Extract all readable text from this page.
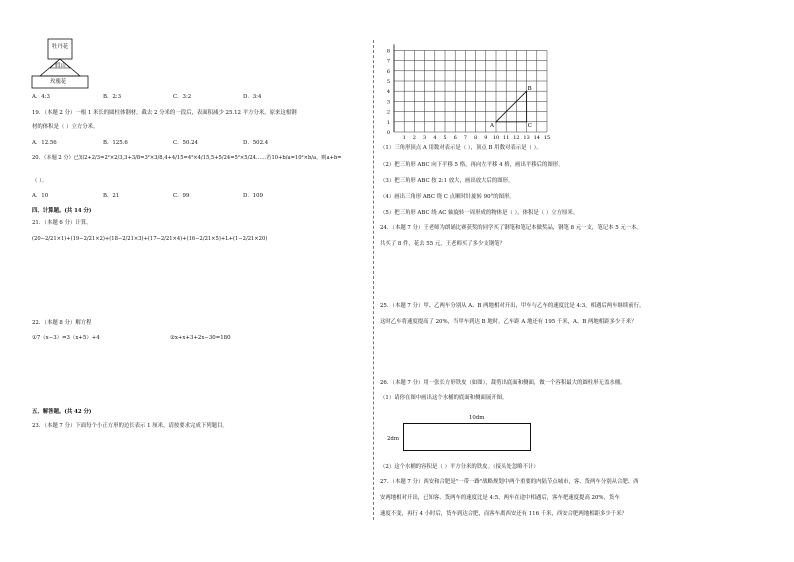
牡丹花
假山
玫瑰花
A．4:3	B．2:3	C．3:2	D．3:4
19．（本题 2 分）一根 1 米长的圆柱体钢材，截去 2 分米的一段后，表面积减少 25.12 平方分米，原来这根钢
材的体积是（ ）立方分米。
A．12.56	B．125.6	C．50.24	D．502.4
20．（本题 2 分）已知2+2/3=2²×2/3,3+3/8=3²×3/8,4+4/15=4²×4/15,5+5/24=5²×5/24……若10+b/a=10²×b/a，则a+b=
（ ）。
A．10	B．21	C．99	D．109
四、计算题。(共 14 分)
21．（本题 6 分）计算。
(20−2/21×1)+(19−2/21×2)+(18−2/21×3)+(17−2/21×4)+(16−2/21×5)+L+(1−2/21×20)
22．（本题 8 分）解方程
①7（x−3）=3（x+5）+4	②x+x+3+2x−30=180
五、解答题。(共 42 分)
23．（本题 7 分）下面每个小正方形的边长表示 1 厘米，请按要求完成下列题目。
8
7
6
5
4
3
2
1
0
1 2 3 4 5 6 7 8 9 10 11 12 13 14 15
A
B
C
（1）三角形顶点 A 用数对表示是（ ），顶点 B 用数对表示是（ ）。
（2）把三角形 ABC 向下平移 5 格，再向左平移 4 格，画出平移后的图形。
（3）把三角形 ABC 按 2:1 放大，画出放大后的图形。
（4）画出三角形 ABC 绕 C 点顺时针旋转 90°的图形。
（5）把三角形 ABC 绕 AC 轴旋转一周形成的物体是（ ），体积是（ ）立方厘米。
24．（本题 7 分）王老师为朗诵比赛获奖的同学买了钢笔和笔记本做奖品，钢笔 8 元一支，笔记本 5 元一本。
共买了 8 件，花去 55 元，王老师买了多少支钢笔？
25．（本题 7 分）甲、乙两车分别从 A、B 两地相对开出，甲车与乙车的速度比是 4:3，相遇后两车继续前行，
这时乙车将速度提高了 20%，当甲车到达 B 地时，乙车距 A 地还有 195 千米，A、B 两地相距多少千米？
26．（本题 7 分）用一张长方形铁皮（如图），裁剪出底面和侧面，做一个容积最大的圆柱形无盖水桶。
（1）请你在图中画出这个水桶的底面和侧面展开图。
10dm
2dm
（2）这个水桶的容积是（ ）平方分米的铁皮。（接头处忽略不计）
27．（本题 7 分）西安和合肥是"一带一路"战略规划中两个重要的内陆节点城市，客、货两车分别从合肥、西
安两地相对开出，已知客、货两车的速度比是 4:5，两车在途中相遇后，客车把速度提高 20%，货车
速度不变，再行 4 小时后，货车到达合肥，而客车离西安还有 116 千米，西安合肥两地相距多少千米？
